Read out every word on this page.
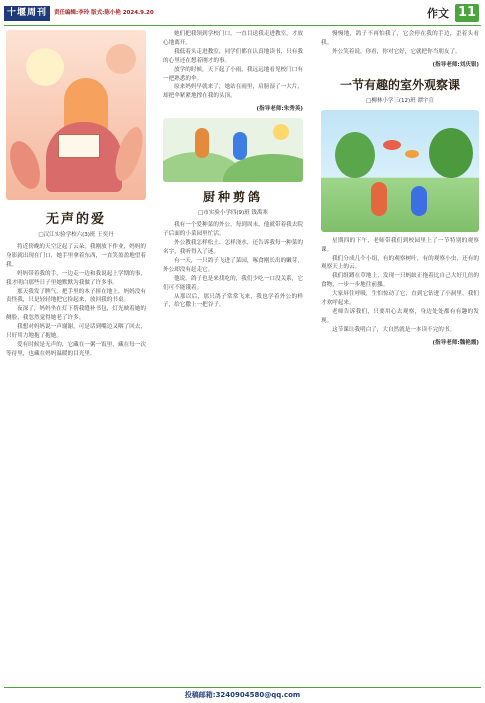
十堰周刊	责任编辑:李玲 版式:陈小艳 2024.9.20	作文 11
无声的爱
□汉江实验学校六(3)班 王奕丹

将近傍晚的天空泛起了云朵，我刚放下作业，妈妈的身影就出现在门口，她手里拿着东西，一直笑盈盈地望着我。

妈妈带着我的手，一边走一边和我说起上学期的事，我才明白那些日子里她默默为我做了许多事。

那天我发了脾气，把手里的本子摔在地上，妈妈没有责怪我，只是轻轻地把它捡起来，放回我的书桌。

夜深了，妈妈坐在灯下帮我缝补书包，灯光映着她的侧脸，我忽然觉得她老了许多。

我想对妈妈说一声谢谢，可是话到嘴边又咽了回去，只好用力地抱了抱她。

爱有时候是无声的，它藏在一粥一饭里，藏在每一次等待里，也藏在妈妈温暖的目光里。

她们把我领到学校门口，一直目送我走进教室，才放心地离开。

我低着头走进教室，同学们都在认真地读书，只有我的心里还在想着刚才的事。

放学的时候，天下起了小雨，我远远地看见校门口有一把熟悉的伞。

原来妈妈早就来了，她站在雨里，肩膀湿了一大片，却把伞紧紧地撑在我的头顶。

(指导老师:朱秀英)
厨种剪鸽
□市实验小学四(9)班 钱禹寒

我有一个爱种菜的外公，每到周末，他就带着我去院子后面的小菜园里忙活。

外公教我怎样松土、怎样浇水，还告诉我每一种菜的名字，我听得入了迷。

有一天，一只鸽子飞进了菜园，啄食刚长出的嫩芽，外公却没有赶走它。

他说，鸽子也是来找吃的，我们少吃一口没关系，它们可不能饿着。

从那以后，那只鸽子常常飞来，我也学着外公的样子，给它撒上一把谷子。

慢慢地，鸽子不再怕我了，它会停在我的手边，歪着头看我。

外公笑着说，你看，你对它好，它就把你当朋友了。

(指导老师:刘庆银)
一节有趣的室外观察课
□柳林小学三(12)班 谭宇宣

星期四的下午，老师带我们到校园里上了一节特别的观察课。

我们分成几个小组，有的观察树叶，有的观察小虫，还有的观察天上的云。

我们组蹲在草地上，发现一只蚂蚁正拖着比自己大好几倍的食物，一步一步地往前挪。

大家屏住呼吸，生怕惊动了它，直到它钻进了小洞里，我们才欢呼起来。

老师告诉我们，只要用心去观察，身边处处都有有趣的发现。

这节课让我明白了，大自然就是一本读不完的书。

(指导老师:魏艳霞)
投稿邮箱:3240904580@qq.com
